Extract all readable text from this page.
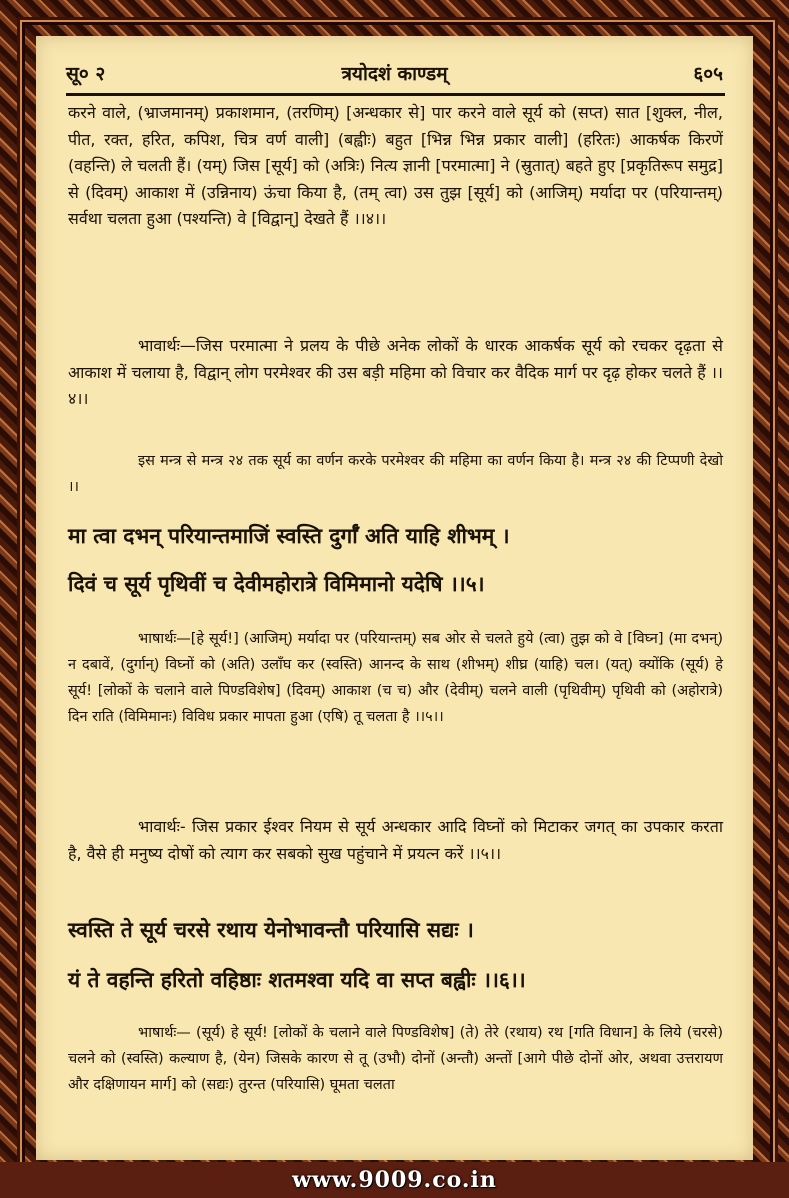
सू० २	त्रयोदशं काण्डम्	६०५
करने वाले, (भ्राजमानम्) प्रकाशमान, (तरणिम्) [अन्धकार से] पार करने वाले सूर्य को (सप्त) सात [शुक्ल, नील, पीत, रक्त, हरित, कपिश, चित्र वर्ण वाली] (बह्वीः) बहुत [भिन्न भिन्न प्रकार वाली] (हरितः) आकर्षक किरणें (वहन्ति) ले चलती हैं। (यम्) जिस [सूर्य] को (अत्रिः) नित्य ज्ञानी [परमात्मा] ने (स्रुतात्) बहते हुए [प्रकृतिरूप समुद्र] से (दिवम्) आकाश में (उन्निनाय) ऊंचा किया है, (तम् त्वा) उस तुझ [सूर्य] को (आजिम्) मर्यादा पर (परियान्तम्) सर्वथा चलता हुआ (पश्यन्ति) वे [विद्वान्] देखते हैं ।।४।।
भावार्थः—जिस परमात्मा ने प्रलय के पीछे अनेक लोकों के धारक आकर्षक सूर्य को रचकर दृढ़ता से आकाश में चलाया है, विद्वान् लोग परमेश्वर की उस बड़ी महिमा को विचार कर वैदिक मार्ग पर दृढ़ होकर चलते हैं ।।४।।
इस मन्त्र से मन्त्र २४ तक सूर्य का वर्णन करके परमेश्वर की महिमा का वर्णन किया है। मन्त्र २४ की टिप्पणी देखो ।।
मा त्वा दभन् परियान्तमाजिं स्वस्ति दुर्गाँ अति याहि शीभम् ।
दिवं च सूर्य पृथिवीं च देवीमहोरात्रे विमिमानो यदेषि ।।५।
भाषार्थः—[हे सूर्य!] (आजिम्) मर्यादा पर (परियान्तम्) सब ओर से चलते हुये (त्वा) तुझ को वे [विघ्न] (मा दभन्) न दबावें, (दुर्गान्) विघ्नों को (अति) उलाँघ कर (स्वस्ति) आनन्द के साथ (शीभम्) शीघ्र (याहि) चल। (यत्) क्योंकि (सूर्य) हे सूर्य! [लोकों के चलाने वाले पिण्डविशेष] (दिवम्) आकाश (च च) और (देवीम्) चलने वाली (पृथिवीम्) पृथिवी को (अहोरात्रे) दिन राति (विमिमानः) विविध प्रकार मापता हुआ (एषि) तू चलता है ।।५।।
भावार्थः- जिस प्रकार ईश्वर नियम से सूर्य अन्धकार आदि विघ्नों को मिटाकर जगत् का उपकार करता है, वैसे ही मनुष्य दोषों को त्याग कर सबको सुख पहुंचाने में प्रयत्न करें ।।५।।
स्वस्ति ते सूर्य चरसे रथाय येनोभावन्तौ परियासि सद्यः ।
यं ते वहन्ति हरितो वहिष्ठाः शतमश्वा यदि वा सप्त बह्वीः ।।६।।
भाषार्थः— (सूर्य) हे सूर्य! [लोकों के चलाने वाले पिण्डविशेष] (ते) तेरे (रथाय) रथ [गति विधान] के लिये (चरसे) चलने को (स्वस्ति) कल्याण है, (येन) जिसके कारण से तू (उभौ) दोनों (अन्तौ) अन्तों [आगे पीछे दोनों ओर, अथवा उत्तरायण और दक्षिणायन मार्ग] को (सद्यः) तुरन्त (परियासि) घूमता चलता
www.9009.co.in
